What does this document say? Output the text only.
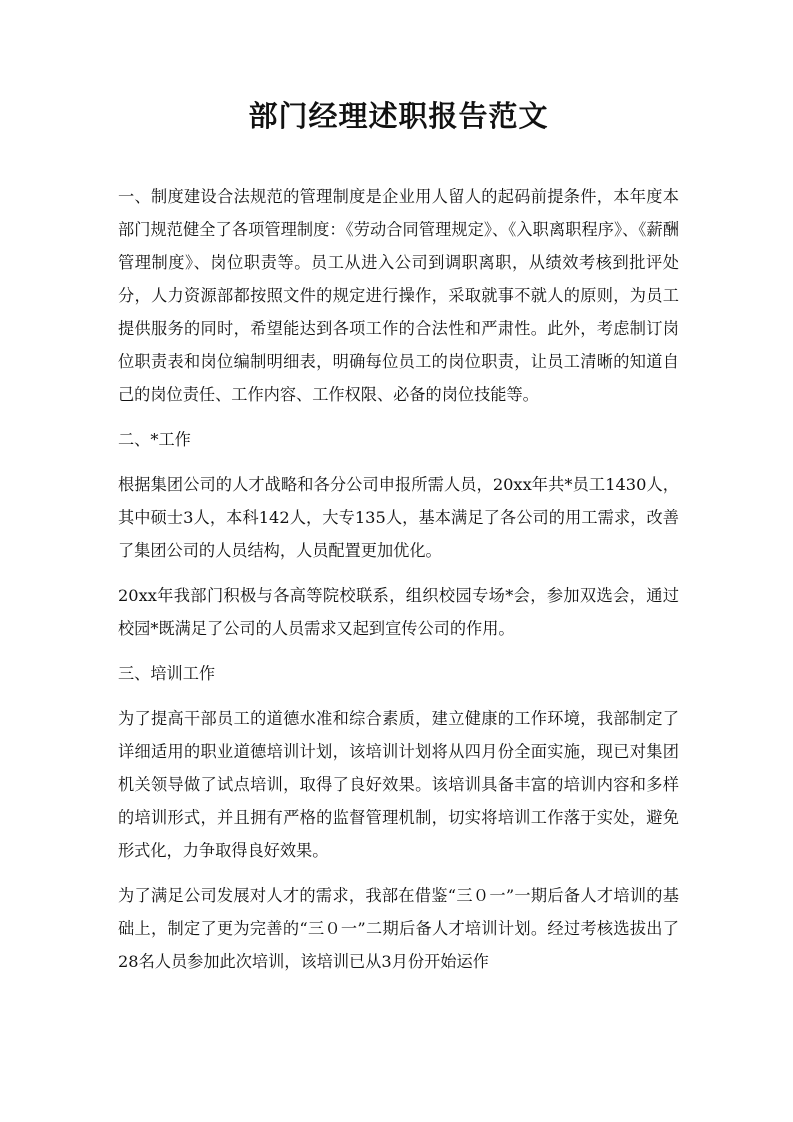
部门经理述职报告范文

一、制度建设合法规范的管理制度是企业用人留人的起码前提条件，本年度本部门规范健全了各项管理制度：《劳动合同管理规定》、《入职离职程序》、《薪酬管理制度》、岗位职责等。员工从进入公司到调职离职，从绩效考核到批评处分，人力资源部都按照文件的规定进行操作，采取就事不就人的原则，为员工提供服务的同时，希望能达到各项工作的合法性和严肃性。此外，考虑制订岗位职责表和岗位编制明细表，明确每位员工的岗位职责，让员工清晰的知道自己的岗位责任、工作内容、工作权限、必备的岗位技能等。

二、*工作

根据集团公司的人才战略和各分公司申报所需人员，20xx年共*员工1430人，其中硕士3人，本科142人，大专135人，基本满足了各公司的用工需求，改善了集团公司的人员结构，人员配置更加优化。

20xx年我部门积极与各高等院校联系，组织校园专场*会，参加双选会，通过校园*既满足了公司的人员需求又起到宣传公司的作用。

三、培训工作

为了提高干部员工的道德水准和综合素质，建立健康的工作环境，我部制定了详细适用的职业道德培训计划，该培训计划将从四月份全面实施，现已对集团机关领导做了试点培训，取得了良好效果。该培训具备丰富的培训内容和多样的培训形式，并且拥有严格的监督管理机制，切实将培训工作落于实处，避免形式化，力争取得良好效果。

为了满足公司发展对人才的需求，我部在借鉴“三０一”一期后备人才培训的基础上，制定了更为完善的“三０一”二期后备人才培训计划。经过考核选拔出了28名人员参加此次培训，该培训已从3月份开始运作
